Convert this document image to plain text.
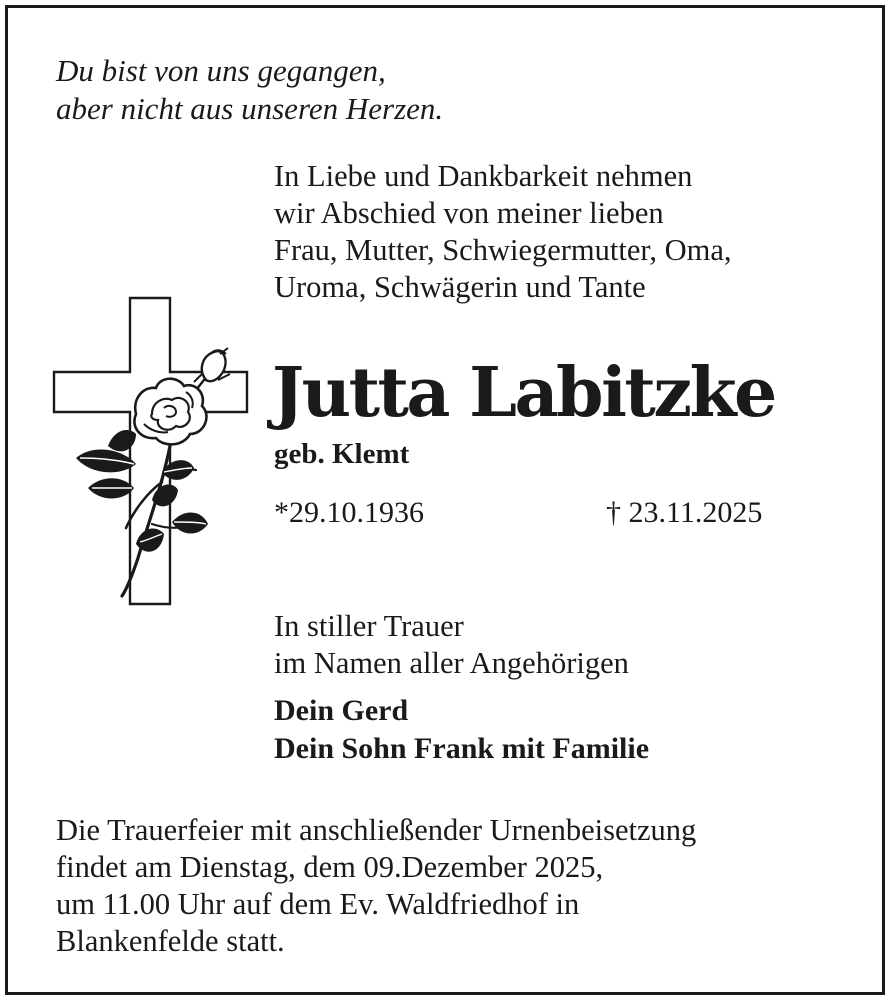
Du bist von uns gegangen,
aber nicht aus unseren Herzen.
In Liebe und Dankbarkeit nehmen
wir Abschied von meiner lieben
Frau, Mutter, Schwiegermutter, Oma,
Uroma, Schwägerin und Tante
Jutta Labitzke
geb. Klemt
*29.10.1936	† 23.11.2025
In stiller Trauer
im Namen aller Angehörigen
Dein Gerd
Dein Sohn Frank mit Familie
Die Trauerfeier mit anschließender Urnenbeisetzung
findet am Dienstag, dem 09.Dezember 2025,
um 11.00 Uhr auf dem Ev. Waldfriedhof in
Blankenfelde statt.
